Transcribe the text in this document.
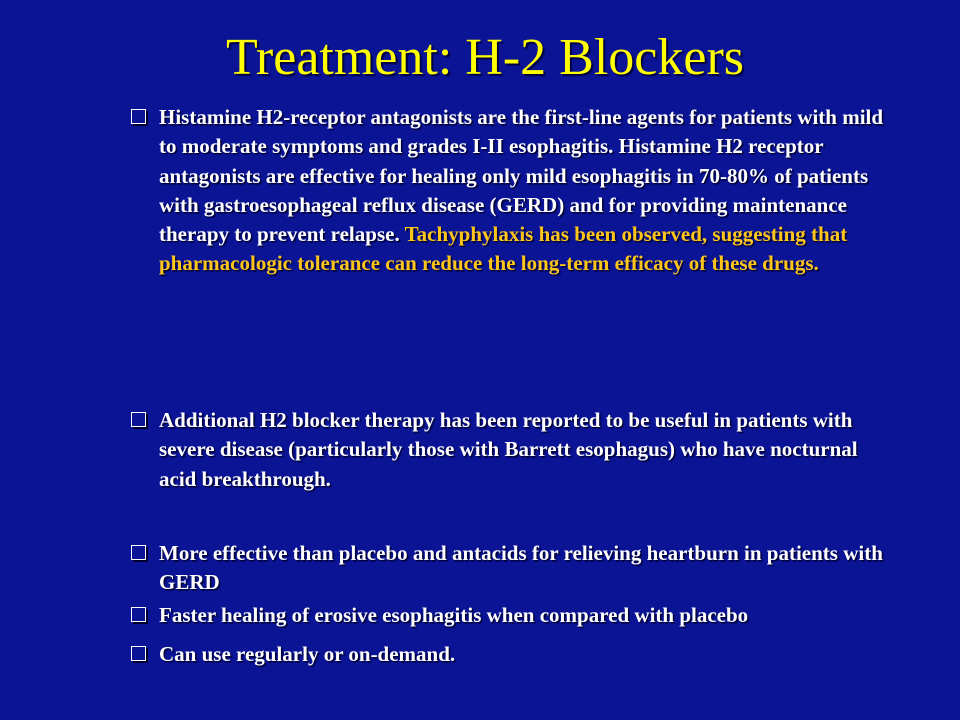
Treatment: H-2 Blockers
Histamine H2-receptor antagonists are the first-line agents for patients with mild to moderate symptoms and grades I-II esophagitis. Histamine H2 receptor antagonists are effective for healing only mild esophagitis in 70-80% of patients with gastroesophageal reflux disease (GERD) and for providing maintenance therapy to prevent relapse. Tachyphylaxis has been observed, suggesting that pharmacologic tolerance can reduce the long-term efficacy of these drugs.
Additional H2 blocker therapy has been reported to be useful in patients with severe disease (particularly those with Barrett esophagus) who have nocturnal acid breakthrough.
More effective than placebo and antacids for relieving heartburn in patients with GERD
Faster healing of erosive esophagitis when compared with placebo
Can use regularly or on-demand.
